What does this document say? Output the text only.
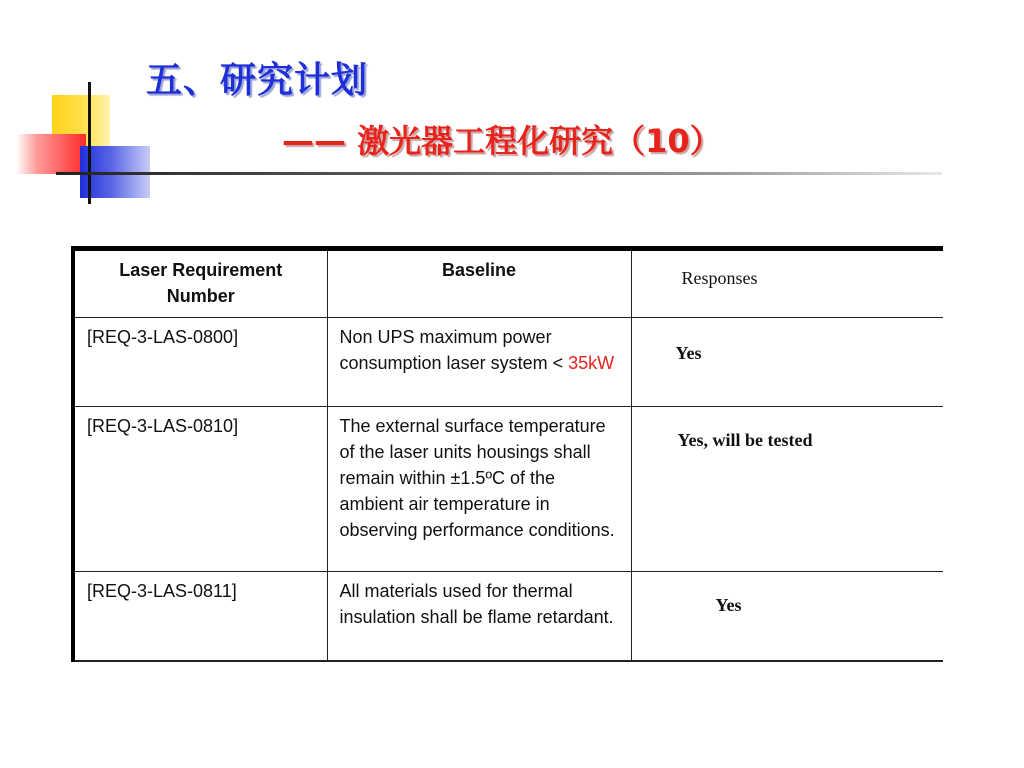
五、研究计划
—— 激光器工程化研究（10）
Laser Requirement Number	Baseline	Responses
[REQ-3-LAS-0800]	Non UPS maximum power consumption laser system < 35kW	Yes
[REQ-3-LAS-0810]	The external surface temperature of the laser units housings shall remain within ±1.5ºC of the ambient air temperature in observing performance conditions.	Yes, will be tested
[REQ-3-LAS-0811]	All materials used for thermal insulation shall be flame retardant.	Yes
